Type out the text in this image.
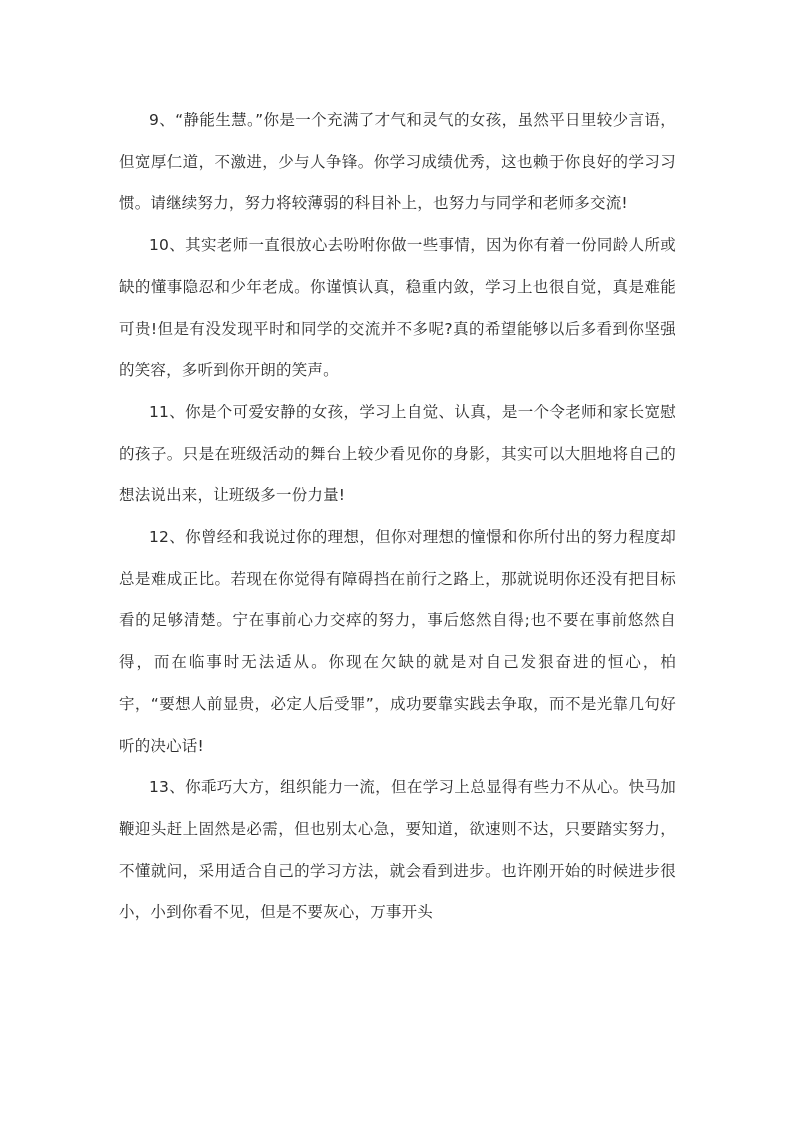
9、“静能生慧。”你是一个充满了才气和灵气的女孩，虽然平日里较少言语，但宽厚仁道，不激进，少与人争锋。你学习成绩优秀，这也赖于你良好的学习习惯。请继续努力，努力将较薄弱的科目补上，也努力与同学和老师多交流!

10、其实老师一直很放心去吩咐你做一些事情，因为你有着一份同龄人所或缺的懂事隐忍和少年老成。你谨慎认真，稳重内敛，学习上也很自觉，真是难能可贵!但是有没发现平时和同学的交流并不多呢?真的希望能够以后多看到你坚强的笑容，多听到你开朗的笑声。

11、你是个可爱安静的女孩，学习上自觉、认真，是一个令老师和家长宽慰的孩子。只是在班级活动的舞台上较少看见你的身影，其实可以大胆地将自己的想法说出来，让班级多一份力量!

12、你曾经和我说过你的理想，但你对理想的憧憬和你所付出的努力程度却总是难成正比。若现在你觉得有障碍挡在前行之路上，那就说明你还没有把目标看的足够清楚。宁在事前心力交瘁的努力，事后悠然自得;也不要在事前悠然自得，而在临事时无法适从。你现在欠缺的就是对自己发狠奋进的恒心，柏宇，“要想人前显贵，必定人后受罪”，成功要靠实践去争取，而不是光靠几句好听的决心话!

13、你乖巧大方，组织能力一流，但在学习上总显得有些力不从心。快马加鞭迎头赶上固然是必需，但也别太心急，要知道，欲速则不达，只要踏实努力，不懂就问，采用适合自己的学习方法，就会看到进步。也许刚开始的时候进步很小，小到你看不见，但是不要灰心，万事开头
